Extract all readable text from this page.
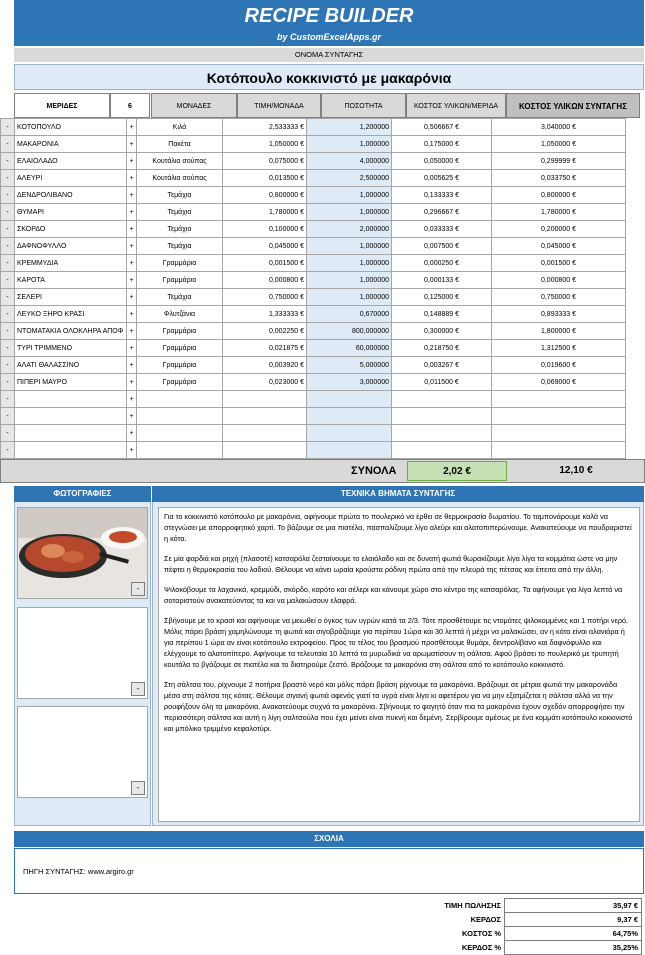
RECIPE BUILDER
by CustomExcelApps.gr
ΟΝΟΜΑ ΣΥΝΤΑΓΗΣ
Κοτόπουλο κοκκινιστό με μακαρόνια
ΜΕΡΙΔΕΣ	6	ΜΟΝΑΔΕΣ	ΤΙΜΗ/ΜΟΝΑΔΑ	ΠΟΣΟΤΗΤΑ	ΚΟΣΤΟΣ ΥΛΙΚΩΝ/ΜΕΡΙΔΑ	ΚΟΣΤΟΣ ΥΛΙΚΩΝ ΣΥΝΤΑΓΗΣ
-	ΚΟΤΟΠΟΥΛΟ	+	Κιλά	2,533333 €	1,200000	0,506667 €	3,040000 €
-	ΜΑΚΑΡΟΝΙΑ	+	Πακέτα	1,050000 €	1,000000	0,175000 €	1,050000 €
-	ΕΛΑΙΟΛΑΔΟ	+	Κουτάλια σούπας	0,075000 €	4,000000	0,050000 €	0,299999 €
-	ΑΛΕΥΡΙ	+	Κουτάλια σούπας	0,013500 €	2,500000	0,005625 €	0,033750 €
-	ΔΕΝΔΡΟΛΙΒΑΝΟ	+	Τεμάχια	0,800000 €	1,000000	0,133333 €	0,800000 €
-	ΘΥΜΑΡΙ	+	Τεμάχια	1,780000 €	1,000000	0,296667 €	1,780000 €
-	ΣΚΟΡΔΟ	+	Τεμάχια	0,100000 €	2,000000	0,033333 €	0,200000 €
-	ΔΑΦΝΟΦΥΛΛΟ	+	Τεμάχια	0,045000 €	1,000000	0,007500 €	0,045000 €
-	ΚΡΕΜΜΥΔΙΑ	+	Γραμμάρια	0,001500 €	1,000000	0,000250 €	0,001500 €
-	ΚΑΡΟΤΑ	+	Γραμμάρια	0,000800 €	1,000000	0,000133 €	0,000800 €
-	ΣΕΛΕΡΙ	+	Τεμάχια	0,750000 €	1,000000	0,125000 €	0,750000 €
-	ΛΕΥΚΟ ΞΗΡΟ ΚΡΑΣΙ	+	Φλυτζάνια	1,333333 €	0,670000	0,148889 €	0,893333 €
-	ΝΤΟΜΑΤΑΚΙΑ ΟΛΟΚΛΗΡΑ ΑΠΟΦ	+	Γραμμάρια	0,002250 €	800,000000	0,300000 €	1,800000 €
-	ΤΥΡΙ ΤΡΙΜΜΕΝΟ	+	Γραμμάρια	0,021875 €	60,000000	0,218750 €	1,312500 €
-	ΑΛΑΤΙ ΘΑΛΑΣΣΙΝΟ	+	Γραμμάρια	0,003920 €	5,000000	0,003267 €	0,019600 €
-	ΠΙΠΕΡΙ ΜΑΥΡΟ	+	Γραμμάρια	0,023000 €	3,000000	0,011500 €	0,069000 €
-		+					
-		+					
-		+					
-		+					
ΣΥΝΟΛΑ	2,02 €	12,10 €
ΦΩΤΟΓΡΑΦΙΕΣ
-
-
-
ΤΕΧΝΙΚΑ ΒΗΜΑΤΑ ΣΥΝΤΑΓΗΣ

Για το κοκκινιστό κοτόπουλο με μακαρόνια, αφήνουμε πρώτα το πουλερικό να έρθει σε θερμοκρασία δωματίου. Το ταμπονάρουμε καλά να στεγνώσει με απορροφητικό χαρτί. Το βάζουμε σε μια πιατέλα, πασπαλίζουμε λίγο αλεύρι και αλατοπιπερώνουμε. Ανακατεύουμε να πουδραριστεί η κότα.

Σε μία φαρδιά και ρηχή (πλασοτέ) κατσαρόλα ζεσταίνουμε το ελαιόλαδο και σε δυνατή φωτιά θωρακίζουμε λίγα λίγα τα κομμάτια ώστε να μην πέφτει η θερμοκρασία του λαδιού. Θέλουμε να κάνει ωραία κρούστα ρόδινη πρώτα από την πλευρά της πέτσας και έπειτα από την άλλη.

Ψιλοκόβουμε τα λαχανικά, κρεμμύδι, σκόρδο, καρότο και σέλερι και κάνουμε χώρο στο κέντρο της κατσαρόλας. Τα αφήνουμε για λίγα λεπτά να σοταριστούν ανακατεύοντας τα και να μαλακώσουν ελαφρά.

Σβήνουμε με το κρασί και αφήνουμε να μειωθεί ο όγκος των υγρών κατά τα 2/3. Τότε προσθέτουμε τις ντομάτες ψιλοκομμένες και 1 ποτήρι νερό. Μόλις πάρει βράση χαμηλώνουμε τη φωτιά και σιγοβράζουμε για περίπου 1ώρα και 30 λεπτά ή μέχρι να μαλακώσει, αν η κότα είναι αλανιάρα ή για περίπου 1 ώρα αν είναι κοτόπουλο εκτροφείου. Προς το τέλος του βρασμού προσθέτουμε θυμάρι, δεντρολίβανο και δαφνόφυλλο και ελέγχουμε το αλατοπίπερο. Αφήνουμε τα τελευταία 10 λεπτά τα μυρωδικά να αρωματίσουν τη σάλτσα. Αφού βράσει το πουλερικό με τρυπητή κουτάλα το βγάζουμε σε πιατέλα και το διατηρούμε ζεστό. Βράζουμε τα μακαρόνια στη σάλτσα από το κοτόπουλο κοκκινιστό.

Στη σάλτσα του, ρίχνουμε 2 ποτήρια βραστό νερό και μόλις πάρει βράση ρίχνουμε τα μακαρόνια. Βράζουμε σε μέτρια φωτιά την μακαρονάδα μέσα στη σάλτσα της κότας. Θέλουμε σιγανή φωτιά αφενός γιατί τα υγρά είναι λίγα κι αφετέρου για να μην εξατμίζεται η σάλτσα αλλά να την ρουφήξουν όλη τα μακαρόνια. Ανακατεύουμε συχνά τα μακαρόνια. Σβήνουμε το φαγητό όταν πια τα μακαρόνια έχουν σχεδόν απορροφήσει την περισσότερη σάλτσα και αυτή η λίγη σαλτσούλα που έχει μείνει είναι πυκνή και δεμένη. Σερβίρουμε αμέσως με ένα κομμάτι κοτόπουλο κοκκινιστό και μπόλικο τριμμένο κεφαλοτύρι.

ΣΧΟΛΙΑ
ΠΗΓΗ ΣΥΝΤΑΓΗΣ: www.argiro.gr
ΤΙΜΗ ΠΩΛΗΣΗΣ	35,97 €
ΚΕΡΔΟΣ	9,37 €
ΚΟΣΤΟΣ %	64,75%
ΚΕΡΔΟΣ %	35,25%
